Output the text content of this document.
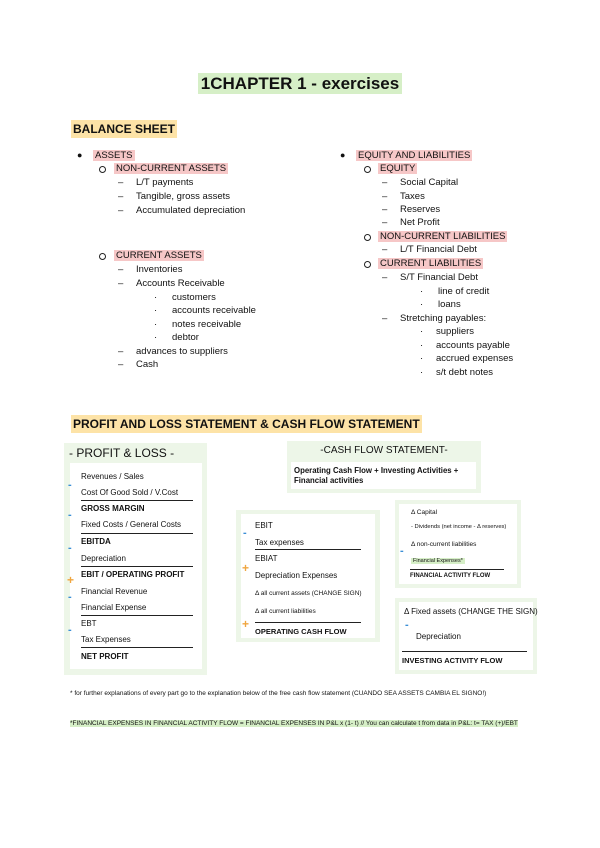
1CHAPTER 1 - exercises
BALANCE SHEET
● ASSETS
NON-CURRENT ASSETS
– L/T payments
– Tangible, gross assets
– Accumulated depreciation
CURRENT ASSETS
– Inventories
– Accounts Receivable
· customers
· accounts receivable
· notes receivable
· debtor
– advances to suppliers
– Cash
● EQUITY AND LIABILITIES
EQUITY
– Social Capital
– Taxes
– Reserves
– Net Profit
NON-CURRENT LIABILITIES
– L/T Financial Debt
CURRENT LIABILITIES
– S/T Financial Debt
· line of credit
· loans
– Stretching payables:
· suppliers
· accounts payable
· accrued expenses
· s/t debt notes
PROFIT AND LOSS STATEMENT & CASH FLOW STATEMENT
- PROFIT & LOSS -
Revenues / Sales
-
Cost Of Good Sold / V.Cost
GROSS MARGIN
-
Fixed Costs / General Costs
EBITDA
-
Depreciation
EBIT / OPERATING PROFIT
+
Financial Revenue
-
Financial Expense
EBT
-
Tax Expenses
NET PROFIT
-CASH FLOW STATEMENT-
Operating Cash Flow + Investing Activities + Financial activities
EBIT
-
Tax expenses
EBIAT
+
Depreciation Expenses
Δ all current assets (CHANGE SIGN)
Δ all current liabilities
+
OPERATING CASH FLOW
Δ Capital
- Dividends (net income - Δ reserves)
Δ non-current liabilities
-
Financial Expenses*
FINANCIAL ACTIVITY FLOW
Δ Fixed assets (CHANGE THE SIGN)
-
Depreciation
INVESTING ACTIVITY FLOW
* for further explanations of every part go to the explanation below of the free cash flow statement (CUANDO SEA ASSETS CAMBIA EL SIGNO!)
*FINANCIAL EXPENSES IN FINANCIAL ACTIVITY FLOW = FINANCIAL EXPENSES IN P&L x (1- t) // You can calculate t from data in P&L: t= TAX (+)/EBT
